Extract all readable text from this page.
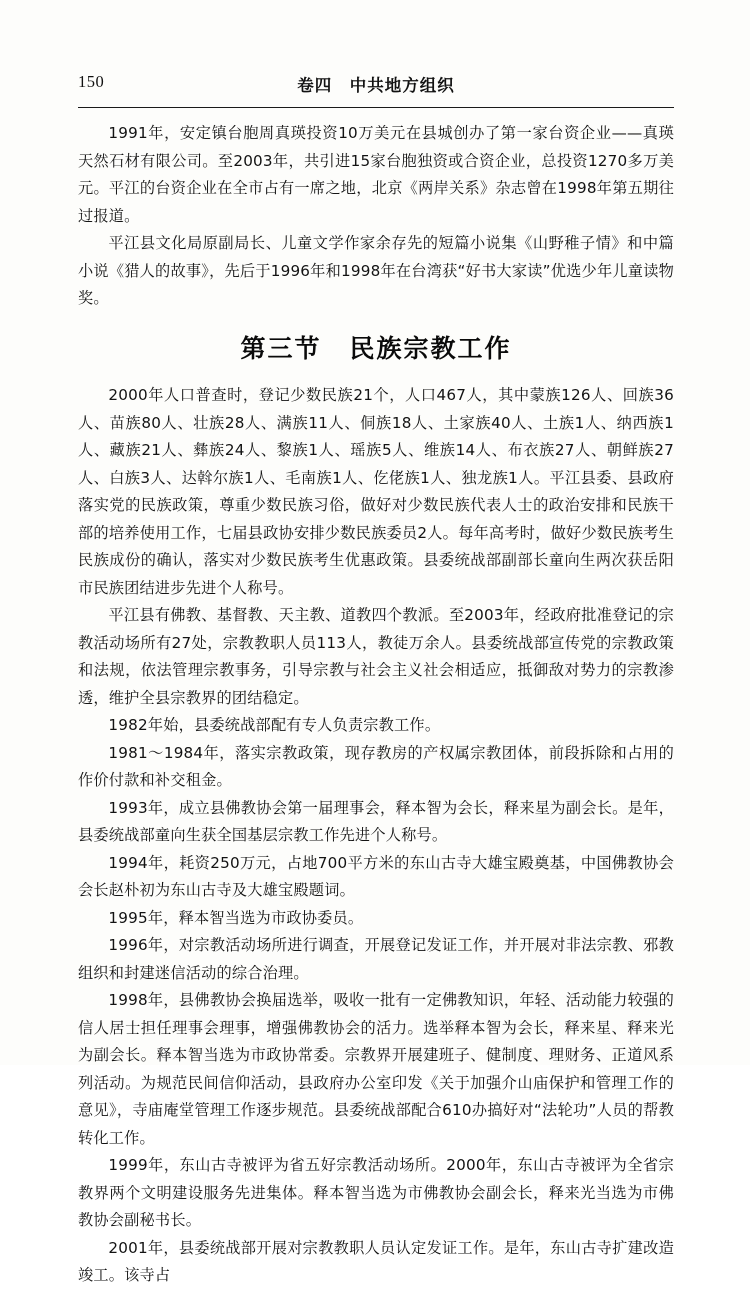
150	卷四　中共地方组织

1991年，安定镇台胞周真瑛投资10万美元在县城创办了第一家台资企业——真瑛天然石材有限公司。至2003年，共引进15家台胞独资或合资企业，总投资1270多万美元。平江的台资企业在全市占有一席之地，北京《两岸关系》杂志曾在1998年第五期往过报道。

平江县文化局原副局长、儿童文学作家余存先的短篇小说集《山野稚子情》和中篇小说《猎人的故事》，先后于1996年和1998年在台湾获“好书大家读”优选少年儿童读物奖。

第三节 民族宗教工作

2000年人口普查时，登记少数民族21个，人口467人，其中蒙族126人、回族36人、苗族80人、壮族28人、满族11人、侗族18人、土家族40人、土族1人、纳西族1人、藏族21人、彝族24人、黎族1人、瑶族5人、维族14人、布衣族27人、朝鲜族27人、白族3人、达斡尔族1人、毛南族1人、仡佬族1人、独龙族1人。平江县委、县政府落实党的民族政策，尊重少数民族习俗，做好对少数民族代表人士的政治安排和民族干部的培养使用工作，七届县政协安排少数民族委员2人。每年高考时，做好少数民族考生民族成份的确认，落实对少数民族考生优惠政策。县委统战部副部长童向生两次获岳阳市民族团结进步先进个人称号。

平江县有佛教、基督教、天主教、道教四个教派。至2003年，经政府批准登记的宗教活动场所有27处，宗教教职人员113人，教徒万余人。县委统战部宣传党的宗教政策和法规，依法管理宗教事务，引导宗教与社会主义社会相适应，抵御敌对势力的宗教渗透，维护全县宗教界的团结稳定。

1982年始，县委统战部配有专人负责宗教工作。

1981～1984年，落实宗教政策，现存教房的产权属宗教团体，前段拆除和占用的作价付款和补交租金。

1993年，成立县佛教协会第一届理事会，释本智为会长，释来星为副会长。是年，县委统战部童向生获全国基层宗教工作先进个人称号。

1994年，耗资250万元，占地700平方米的东山古寺大雄宝殿奠基，中国佛教协会会长赵朴初为东山古寺及大雄宝殿题词。

1995年，释本智当选为市政协委员。

1996年，对宗教活动场所进行调查，开展登记发证工作，并开展对非法宗教、邪教组织和封建迷信活动的综合治理。

1998年，县佛教协会换届选举，吸收一批有一定佛教知识，年轻、活动能力较强的信人居士担任理事会理事，增强佛教协会的活力。选举释本智为会长，释来星、释来光为副会长。释本智当选为市政协常委。宗教界开展建班子、健制度、理财务、正道风系列活动。为规范民间信仰活动，县政府办公室印发《关于加强介山庙保护和管理工作的意见》，寺庙庵堂管理工作逐步规范。县委统战部配合610办搞好对“法轮功”人员的帮教转化工作。

1999年，东山古寺被评为省五好宗教活动场所。2000年，东山古寺被评为全省宗教界两个文明建设服务先进集体。释本智当选为市佛教协会副会长，释来光当选为市佛教协会副秘书长。

2001年，县委统战部开展对宗教教职人员认定发证工作。是年，东山古寺扩建改造竣工。该寺占
